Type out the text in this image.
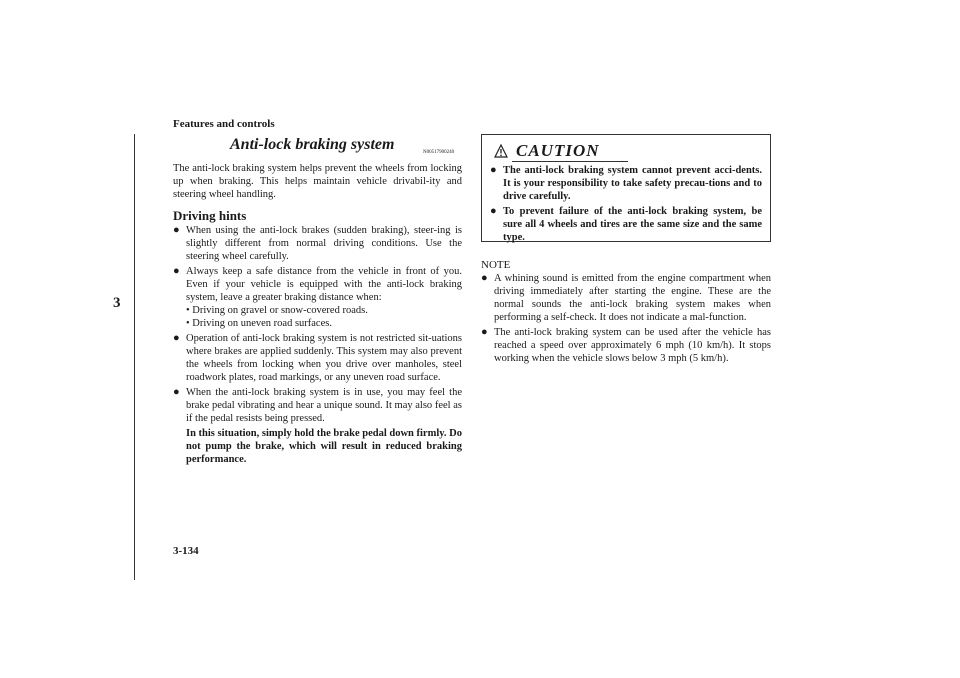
Features and controls
3
Anti-lock braking system	N00517900240

The anti-lock braking system helps prevent the wheels from locking up when braking. This helps maintain vehicle drivabil-ity and steering wheel handling.

Driving hints
● When using the anti-lock brakes (sudden braking), steer-ing is slightly different from normal driving conditions. Use the steering wheel carefully.
● Always keep a safe distance from the vehicle in front of you. Even if your vehicle is equipped with the anti-lock braking system, leave a greater braking distance when:
• Driving on gravel or snow-covered roads.
• Driving on uneven road surfaces.
● Operation of anti-lock braking system is not restricted sit-uations where brakes are applied suddenly. This system may also prevent the wheels from locking when you drive over manholes, steel roadwork plates, road markings, or any uneven road surface.
● When the anti-lock braking system is in use, you may feel the brake pedal vibrating and hear a unique sound. It may also feel as if the pedal resists being pressed.
In this situation, simply hold the brake pedal down firmly. Do not pump the brake, which will result in reduced braking performance.
CAUTION
● The anti-lock braking system cannot prevent acci-dents. It is your responsibility to take safety precau-tions and to drive carefully.
● To prevent failure of the anti-lock braking system, be sure all 4 wheels and tires are the same size and the same type.
NOTE
● A whining sound is emitted from the engine compartment when driving immediately after starting the engine. These are the normal sounds the anti-lock braking system makes when performing a self-check. It does not indicate a mal-function.
● The anti-lock braking system can be used after the vehicle has reached a speed over approximately 6 mph (10 km/h). It stops working when the vehicle slows below 3 mph (5 km/h).
3-134
